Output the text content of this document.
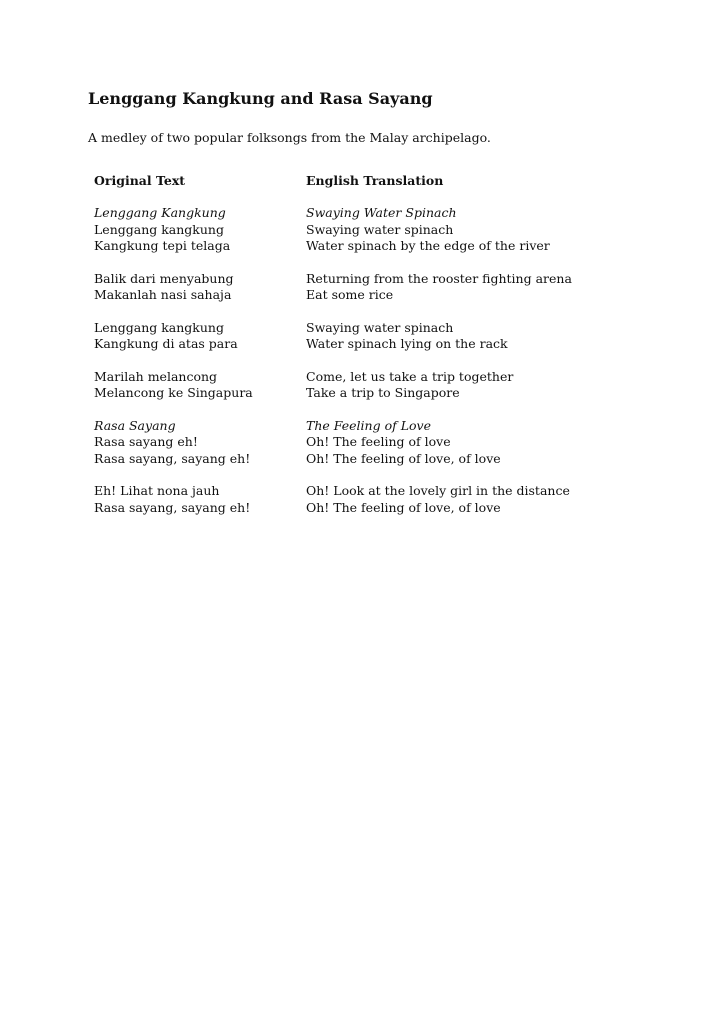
Lenggang Kangkung and Rasa Sayang
A medley of two popular folksongs from the Malay archipelago.
Original Text
Lenggang Kangkung
Lenggang kangkung
Kangkung tepi telaga
Balik dari menyabung
Makanlah nasi sahaja
Lenggang kangkung
Kangkung di atas para
Marilah melancong
Melancong ke Singapura
Rasa Sayang
Rasa sayang eh!
Rasa sayang, sayang eh!
Eh! Lihat nona jauh
Rasa sayang, sayang eh!
English Translation
Swaying Water Spinach
Swaying water spinach
Water spinach by the edge of the river
Returning from the rooster fighting arena
Eat some rice
Swaying water spinach
Water spinach lying on the rack
Come, let us take a trip together
Take a trip to Singapore
The Feeling of Love
Oh! The feeling of love
Oh! The feeling of love, of love
Oh! Look at the lovely girl in the distance
Oh! The feeling of love, of love
